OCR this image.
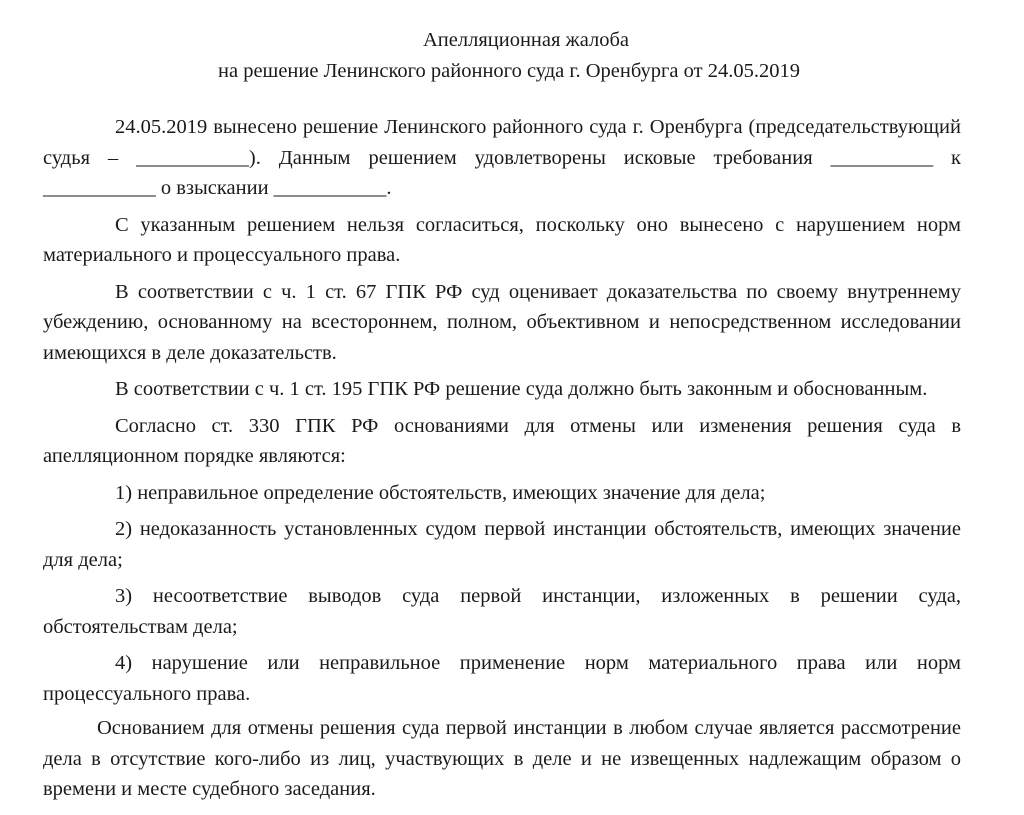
Апелляционная жалоба
на решение Ленинского районного суда г. Оренбурга от 24.05.2019

24.05.2019 вынесено решение Ленинского районного суда г. Оренбурга (председательствующий судья – ___________). Данным решением удовлетворены исковые требования __________ к ___________ о взыскании ___________.

С указанным решением нельзя согласиться, поскольку оно вынесено с нарушением норм материального и процессуального права.

В соответствии с ч. 1 ст. 67 ГПК РФ суд оценивает доказательства по своему внутреннему убеждению, основанному на всестороннем, полном, объективном и непосредственном исследовании имеющихся в деле доказательств.

В соответствии с ч. 1 ст. 195 ГПК РФ решение суда должно быть законным и обоснованным.

Согласно ст. 330 ГПК РФ основаниями для отмены или изменения решения суда в апелляционном порядке являются:

1) неправильное определение обстоятельств, имеющих значение для дела;

2) недоказанность установленных судом первой инстанции обстоятельств, имеющих значение для дела;

3) несоответствие выводов суда первой инстанции, изложенных в решении суда, обстоятельствам дела;

4) нарушение или неправильное применение норм материального права или норм процессуального права.

Основанием для отмены решения суда первой инстанции в любом случае является рассмотрение дела в отсутствие кого-либо из лиц, участвующих в деле и не извещенных надлежащим образом о времени и месте судебного заседания.
